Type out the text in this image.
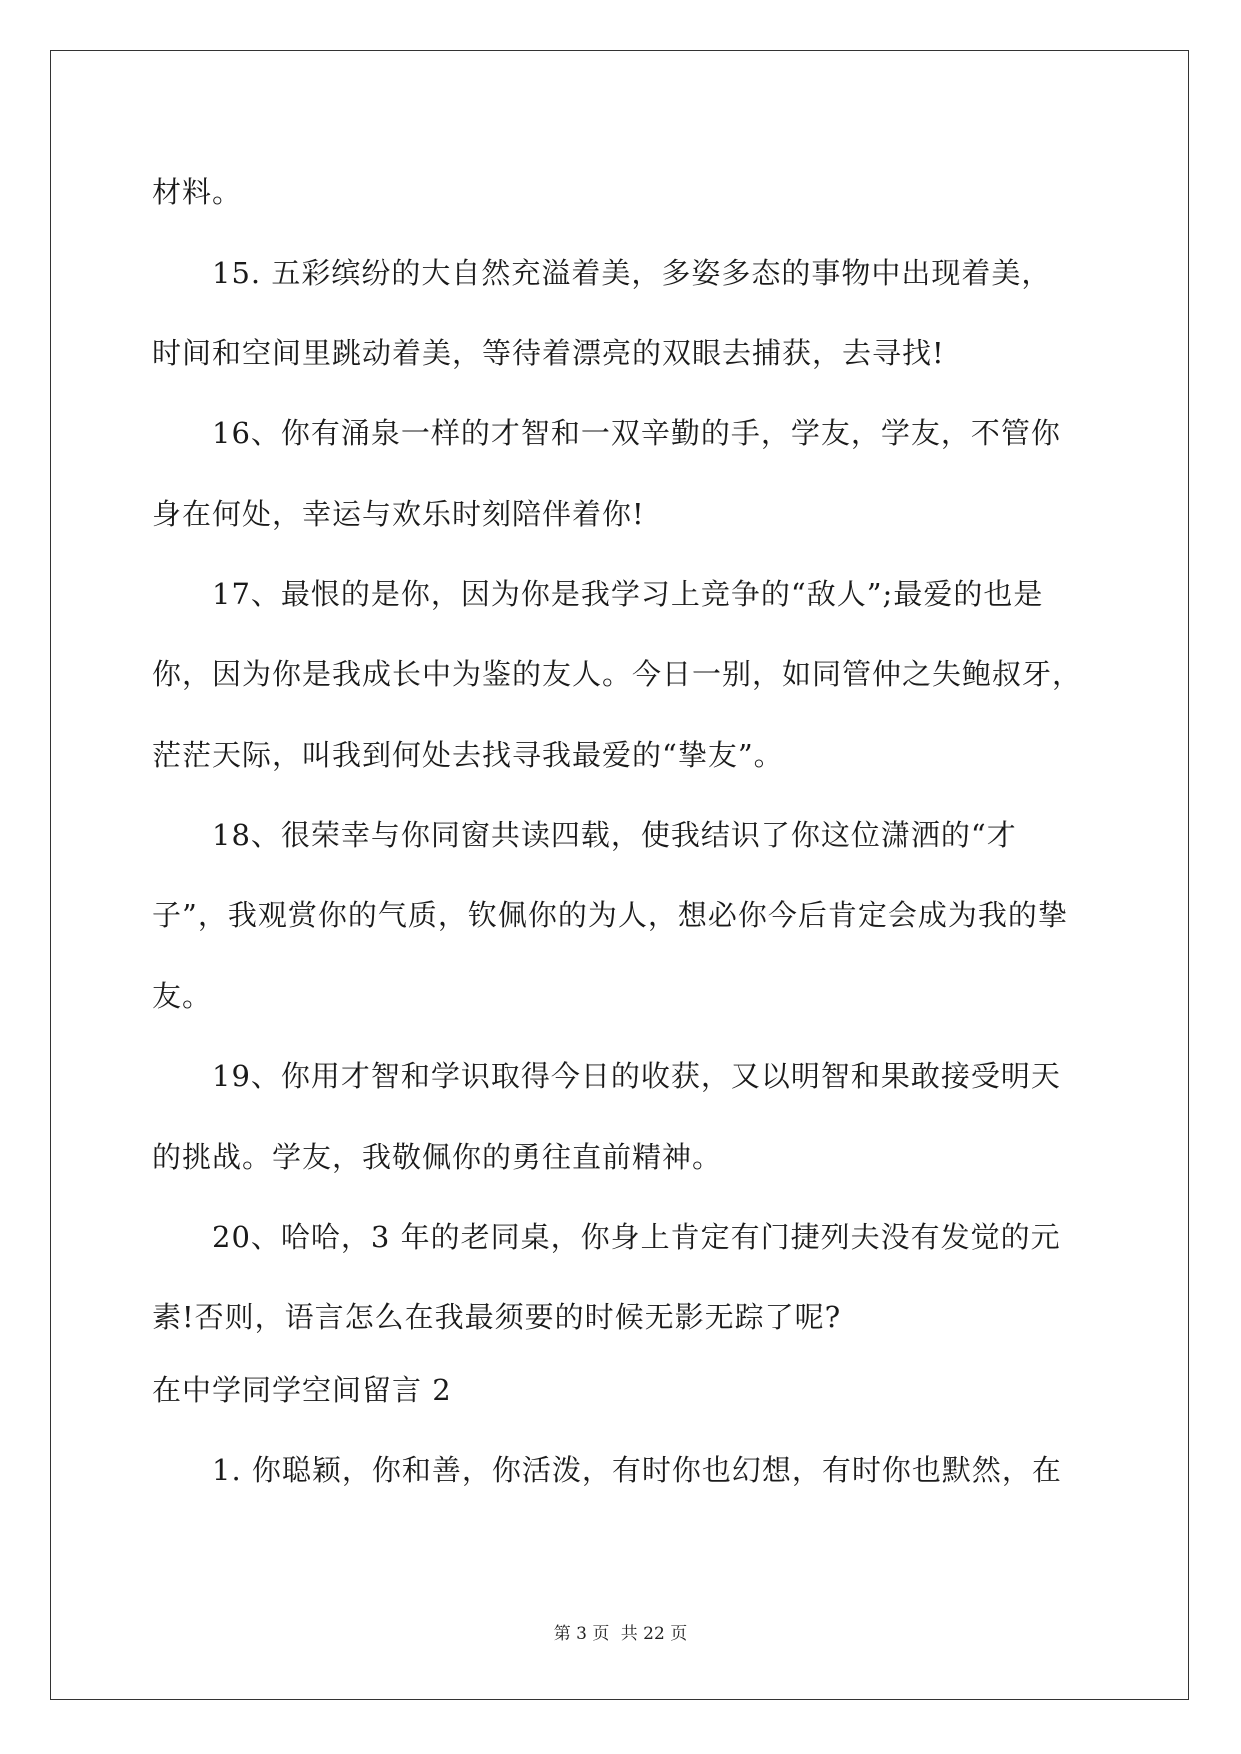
材料。
15. 五彩缤纷的大自然充溢着美，多姿多态的事物中出现着美，
时间和空间里跳动着美，等待着漂亮的双眼去捕获，去寻找!
16、你有涌泉一样的才智和一双辛勤的手，学友，学友，不管你
身在何处，幸运与欢乐时刻陪伴着你!
17、最恨的是你，因为你是我学习上竞争的“敌人”;最爱的也是
你，因为你是我成长中为鉴的友人。今日一别，如同管仲之失鲍叔牙，
茫茫天际，叫我到何处去找寻我最爱的“挚友”。
18、很荣幸与你同窗共读四载，使我结识了你这位潇洒的“才
子”，我观赏你的气质，钦佩你的为人，想必你今后肯定会成为我的挚
友。
19、你用才智和学识取得今日的收获，又以明智和果敢接受明天
的挑战。学友，我敬佩你的勇往直前精神。
20、哈哈，3 年的老同桌，你身上肯定有门捷列夫没有发觉的元
素!否则，语言怎么在我最须要的时候无影无踪了呢?
在中学同学空间留言 2
1. 你聪颖，你和善，你活泼，有时你也幻想，有时你也默然，在
第 3 页 共 22 页
